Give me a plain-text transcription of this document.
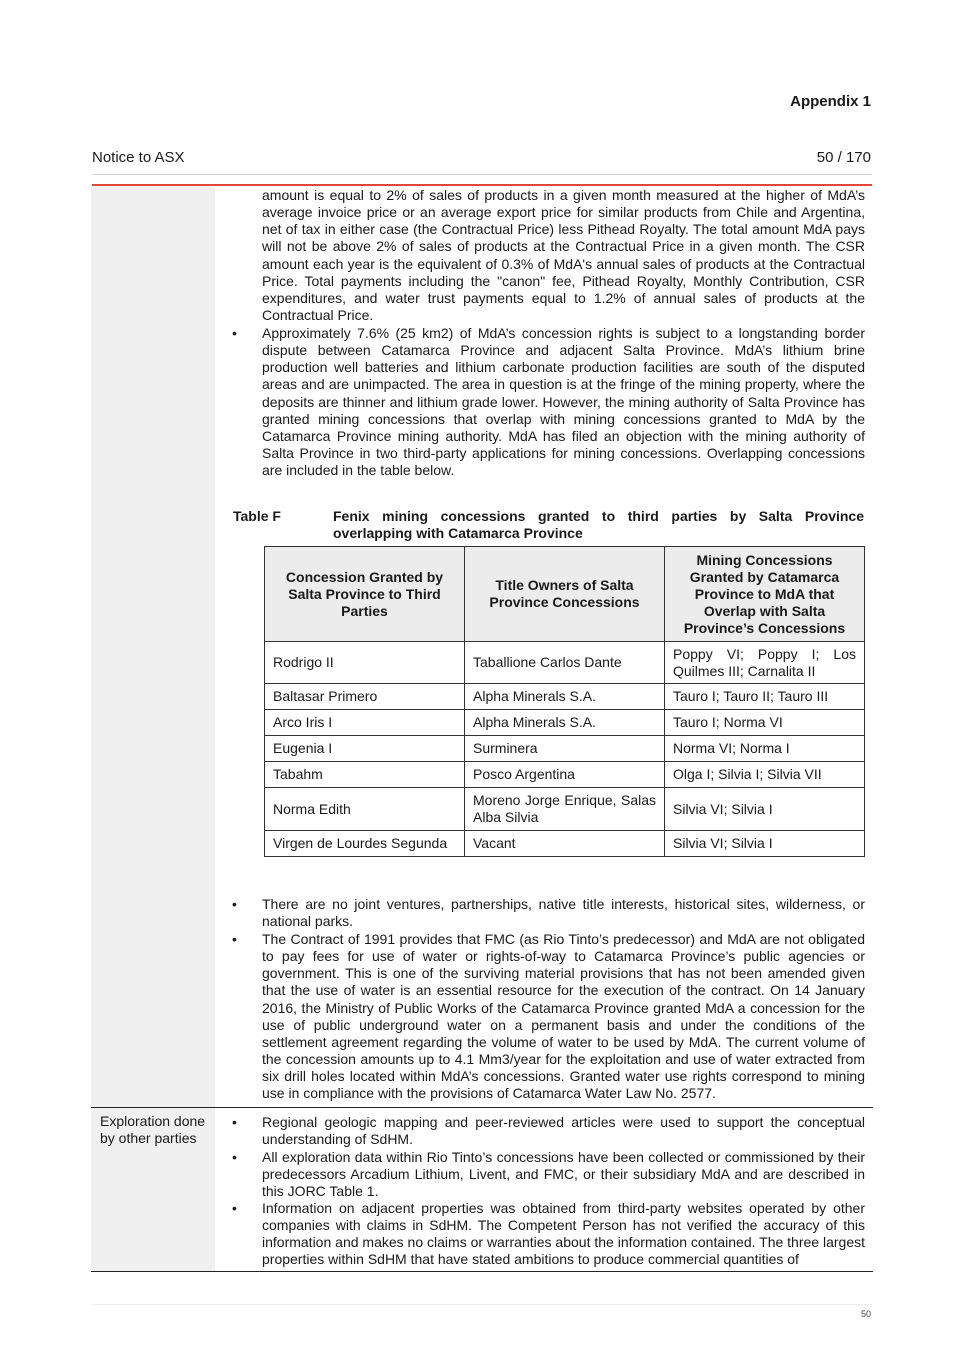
Appendix 1
Notice to ASX	50 / 170
amount is equal to 2% of sales of products in a given month measured at the higher of MdA’s average invoice price or an average export price for similar products from Chile and Argentina, net of tax in either case (the Contractual Price) less Pithead Royalty. The total amount MdA pays will not be above 2% of sales of products at the Contractual Price in a given month. The CSR amount each year is the equivalent of 0.3% of MdA's annual sales of products at the Contractual Price. Total payments including the "canon" fee, Pithead Royalty, Monthly Contribution, CSR expenditures, and water trust payments equal to 1.2% of annual sales of products at the Contractual Price.
• Approximately 7.6% (25 km2) of MdA’s concession rights is subject to a longstanding border dispute between Catamarca Province and adjacent Salta Province. MdA’s lithium brine production well batteries and lithium carbonate production facilities are south of the disputed areas and are unimpacted. The area in question is at the fringe of the mining property, where the deposits are thinner and lithium grade lower. However, the mining authority of Salta Province has granted mining concessions that overlap with mining concessions granted to MdA by the Catamarca Province mining authority. MdA has filed an objection with the mining authority of Salta Province in two third-party applications for mining concessions. Overlapping concessions are included in the table below.
Table F	Fenix mining concessions granted to third parties by Salta Province overlapping with Catamarca Province
Concession Granted by Salta Province to Third Parties	Title Owners of Salta Province Concessions	Mining Concessions Granted by Catamarca Province to MdA that Overlap with Salta Province’s Concessions
Rodrigo II	Taballione Carlos Dante	Poppy VI; Poppy I; Los Quilmes III; Carnalita II
Baltasar Primero	Alpha Minerals S.A.	Tauro I; Tauro II; Tauro III
Arco Iris I	Alpha Minerals S.A.	Tauro I; Norma VI
Eugenia I	Surminera	Norma VI; Norma I
Tabahm	Posco Argentina	Olga I; Silvia I; Silvia VII
Norma Edith	Moreno Jorge Enrique, Salas Alba Silvia	Silvia VI; Silvia I
Virgen de Lourdes Segunda	Vacant	Silvia VI; Silvia I
• There are no joint ventures, partnerships, native title interests, historical sites, wilderness, or national parks.
• The Contract of 1991 provides that FMC (as Rio Tinto’s predecessor) and MdA are not obligated to pay fees for use of water or rights-of-way to Catamarca Province’s public agencies or government. This is one of the surviving material provisions that has not been amended given that the use of water is an essential resource for the execution of the contract. On 14 January 2016, the Ministry of Public Works of the Catamarca Province granted MdA a concession for the use of public underground water on a permanent basis and under the conditions of the settlement agreement regarding the volume of water to be used by MdA. The current volume of the concession amounts up to 4.1 Mm3/year for the exploitation and use of water extracted from six drill holes located within MdA’s concessions. Granted water use rights correspond to mining use in compliance with the provisions of Catamarca Water Law No. 2577.
Exploration done by other parties
• Regional geologic mapping and peer-reviewed articles were used to support the conceptual understanding of SdHM.
• All exploration data within Rio Tinto’s concessions have been collected or commissioned by their predecessors Arcadium Lithium, Livent, and FMC, or their subsidiary MdA and are described in this JORC Table 1.
• Information on adjacent properties was obtained from third-party websites operated by other companies with claims in SdHM. The Competent Person has not verified the accuracy of this information and makes no claims or warranties about the information contained. The three largest properties within SdHM that have stated ambitions to produce commercial quantities of
50
